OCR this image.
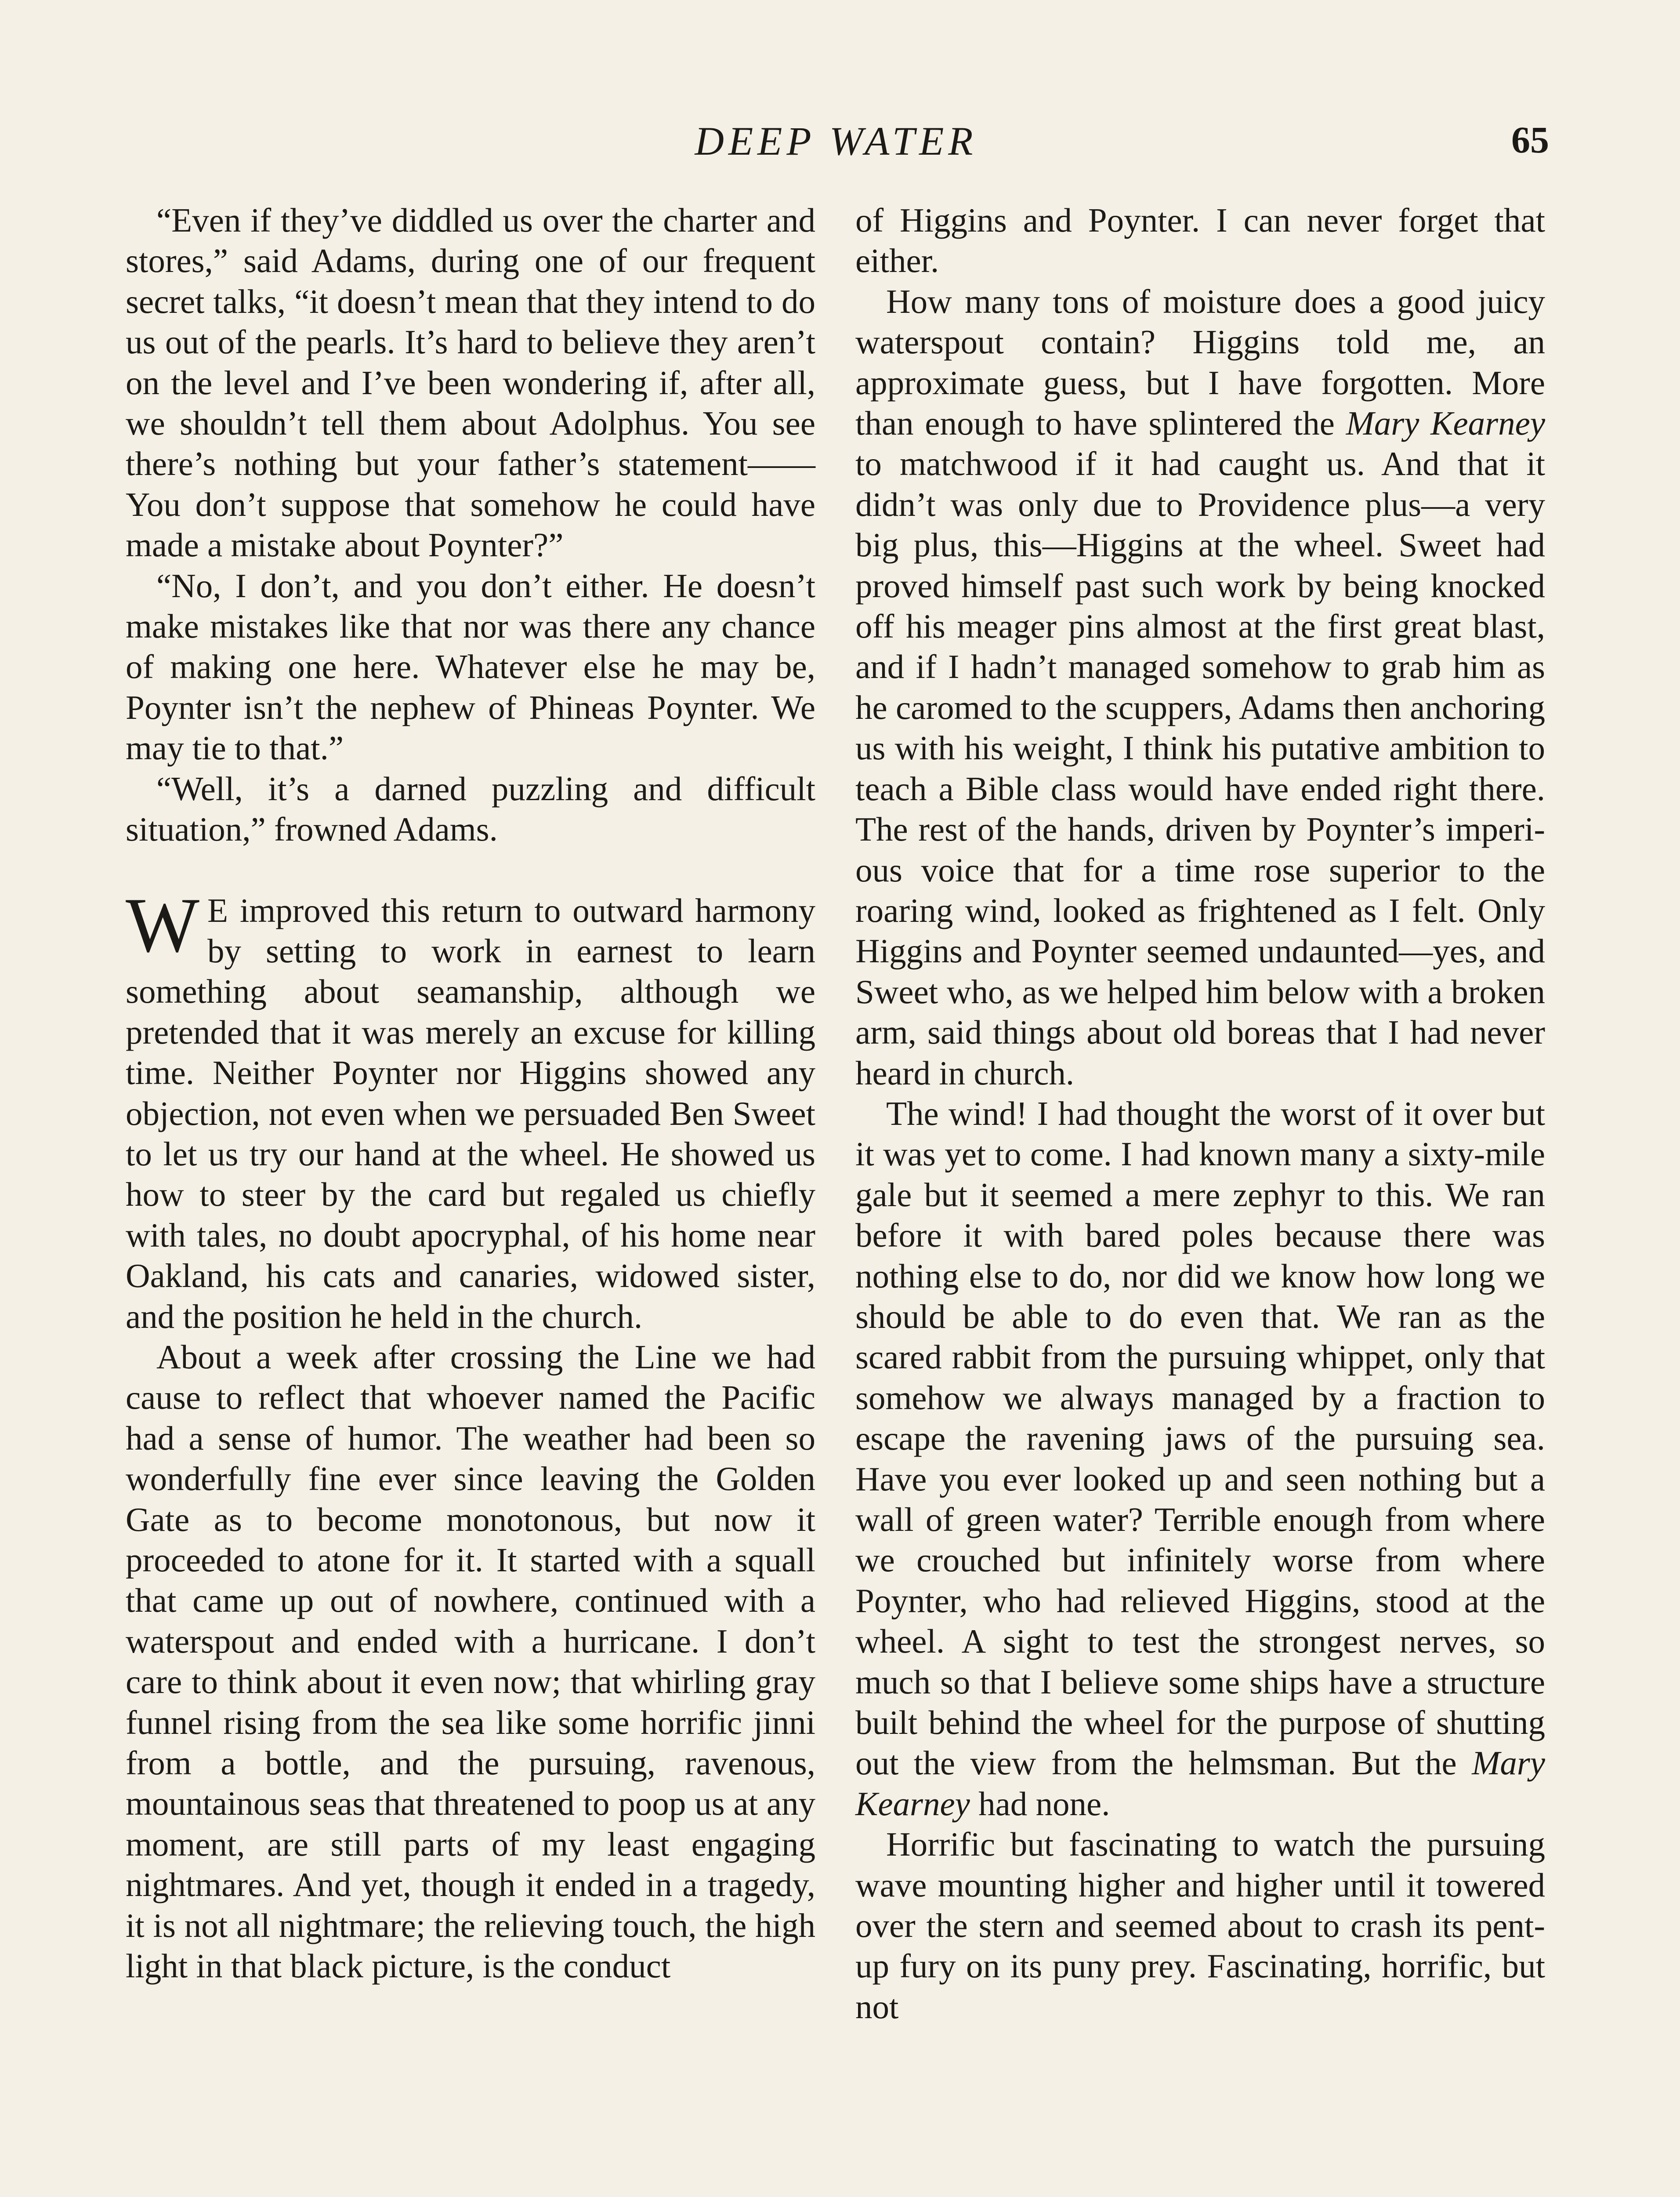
DEEP WATER	65

“Even if they’ve diddled us over the charter and stores,” said Adams, during one of our frequent secret talks, “it doesn’t mean that they intend to do us out of the pearls. It’s hard to believe they aren’t on the level and I’ve been wondering if, after all, we shouldn’t tell them about Adolphus. You see there’s nothing but your father’s statement—— You don’t suppose that somehow he could have made a mistake about Poynter?”

“No, I don’t, and you don’t either. He doesn’t make mistakes like that nor was there any chance of making one here. Whatever else he may be, Poynter isn’t the nephew of Phineas Poynter. We may tie to that.”

“Well, it’s a darned puzzling and difficult situation,” frowned Adams.

W E improved this return to outward harmony by setting to work in earnest to learn something about seamanship, although we pretended that it was merely an excuse for killing time. Neither Poynter nor Higgins showed any objection, not even when we persuaded Ben Sweet to let us try our hand at the wheel. He showed us how to steer by the card but regaled us chiefly with tales, no doubt apocryphal, of his home near Oakland, his cats and canaries, widowed sister, and the position he held in the church.

About a week after crossing the Line we had cause to reflect that whoever named the Pacific had a sense of humor. The weather had been so wonderfully fine ever since leaving the Golden Gate as to become monotonous, but now it proceeded to atone for it. It started with a squall that came up out of nowhere, continued with a waterspout and ended with a hurricane. I don’t care to think about it even now; that whirling gray funnel rising from the sea like some horrific jinni from a bottle, and the pursuing, ravenous, mountainous seas that threatened to poop us at any moment, are still parts of my least engaging nightmares. And yet, though it ended in a tragedy, it is not all nightmare; the relieving touch, the high light in that black picture, is the conduct

of Higgins and Poynter. I can never forget that either.

How many tons of moisture does a good juicy waterspout contain? Higgins told me, an approximate guess, but I have forgotten. More than enough to have splintered the Mary Kearney to matchwood if it had caught us. And that it didn’t was only due to Providence plus—a very big plus, this—Higgins at the wheel. Sweet had proved himself past such work by being knocked off his meager pins almost at the first great blast, and if I hadn’t managed somehow to grab him as he caromed to the scuppers, Adams then anchoring us with his weight, I think his putative ambition to teach a Bible class would have ended right there. The rest of the hands, driven by Poynter’s imperious voice that for a time rose superior to the roaring wind, looked as frightened as I felt. Only Higgins and Poynter seemed undaunted—yes, and Sweet who, as we helped him below with a broken arm, said things about old boreas that I had never heard in church.

The wind! I had thought the worst of it over but it was yet to come. I had known many a sixty-mile gale but it seemed a mere zephyr to this. We ran before it with bared poles because there was nothing else to do, nor did we know how long we should be able to do even that. We ran as the scared rabbit from the pursuing whippet, only that somehow we always managed by a fraction to escape the ravening jaws of the pursuing sea. Have you ever looked up and seen nothing but a wall of green water? Terrible enough from where we crouched but infinitely worse from where Poynter, who had relieved Higgins, stood at the wheel. A sight to test the strongest nerves, so much so that I believe some ships have a structure built behind the wheel for the purpose of shutting out the view from the helmsman. But the Mary Kearney had none.

Horrific but fascinating to watch the pursuing wave mounting higher and higher until it towered over the stern and seemed about to crash its pent-up fury on its puny prey. Fascinating, horrific, but not
